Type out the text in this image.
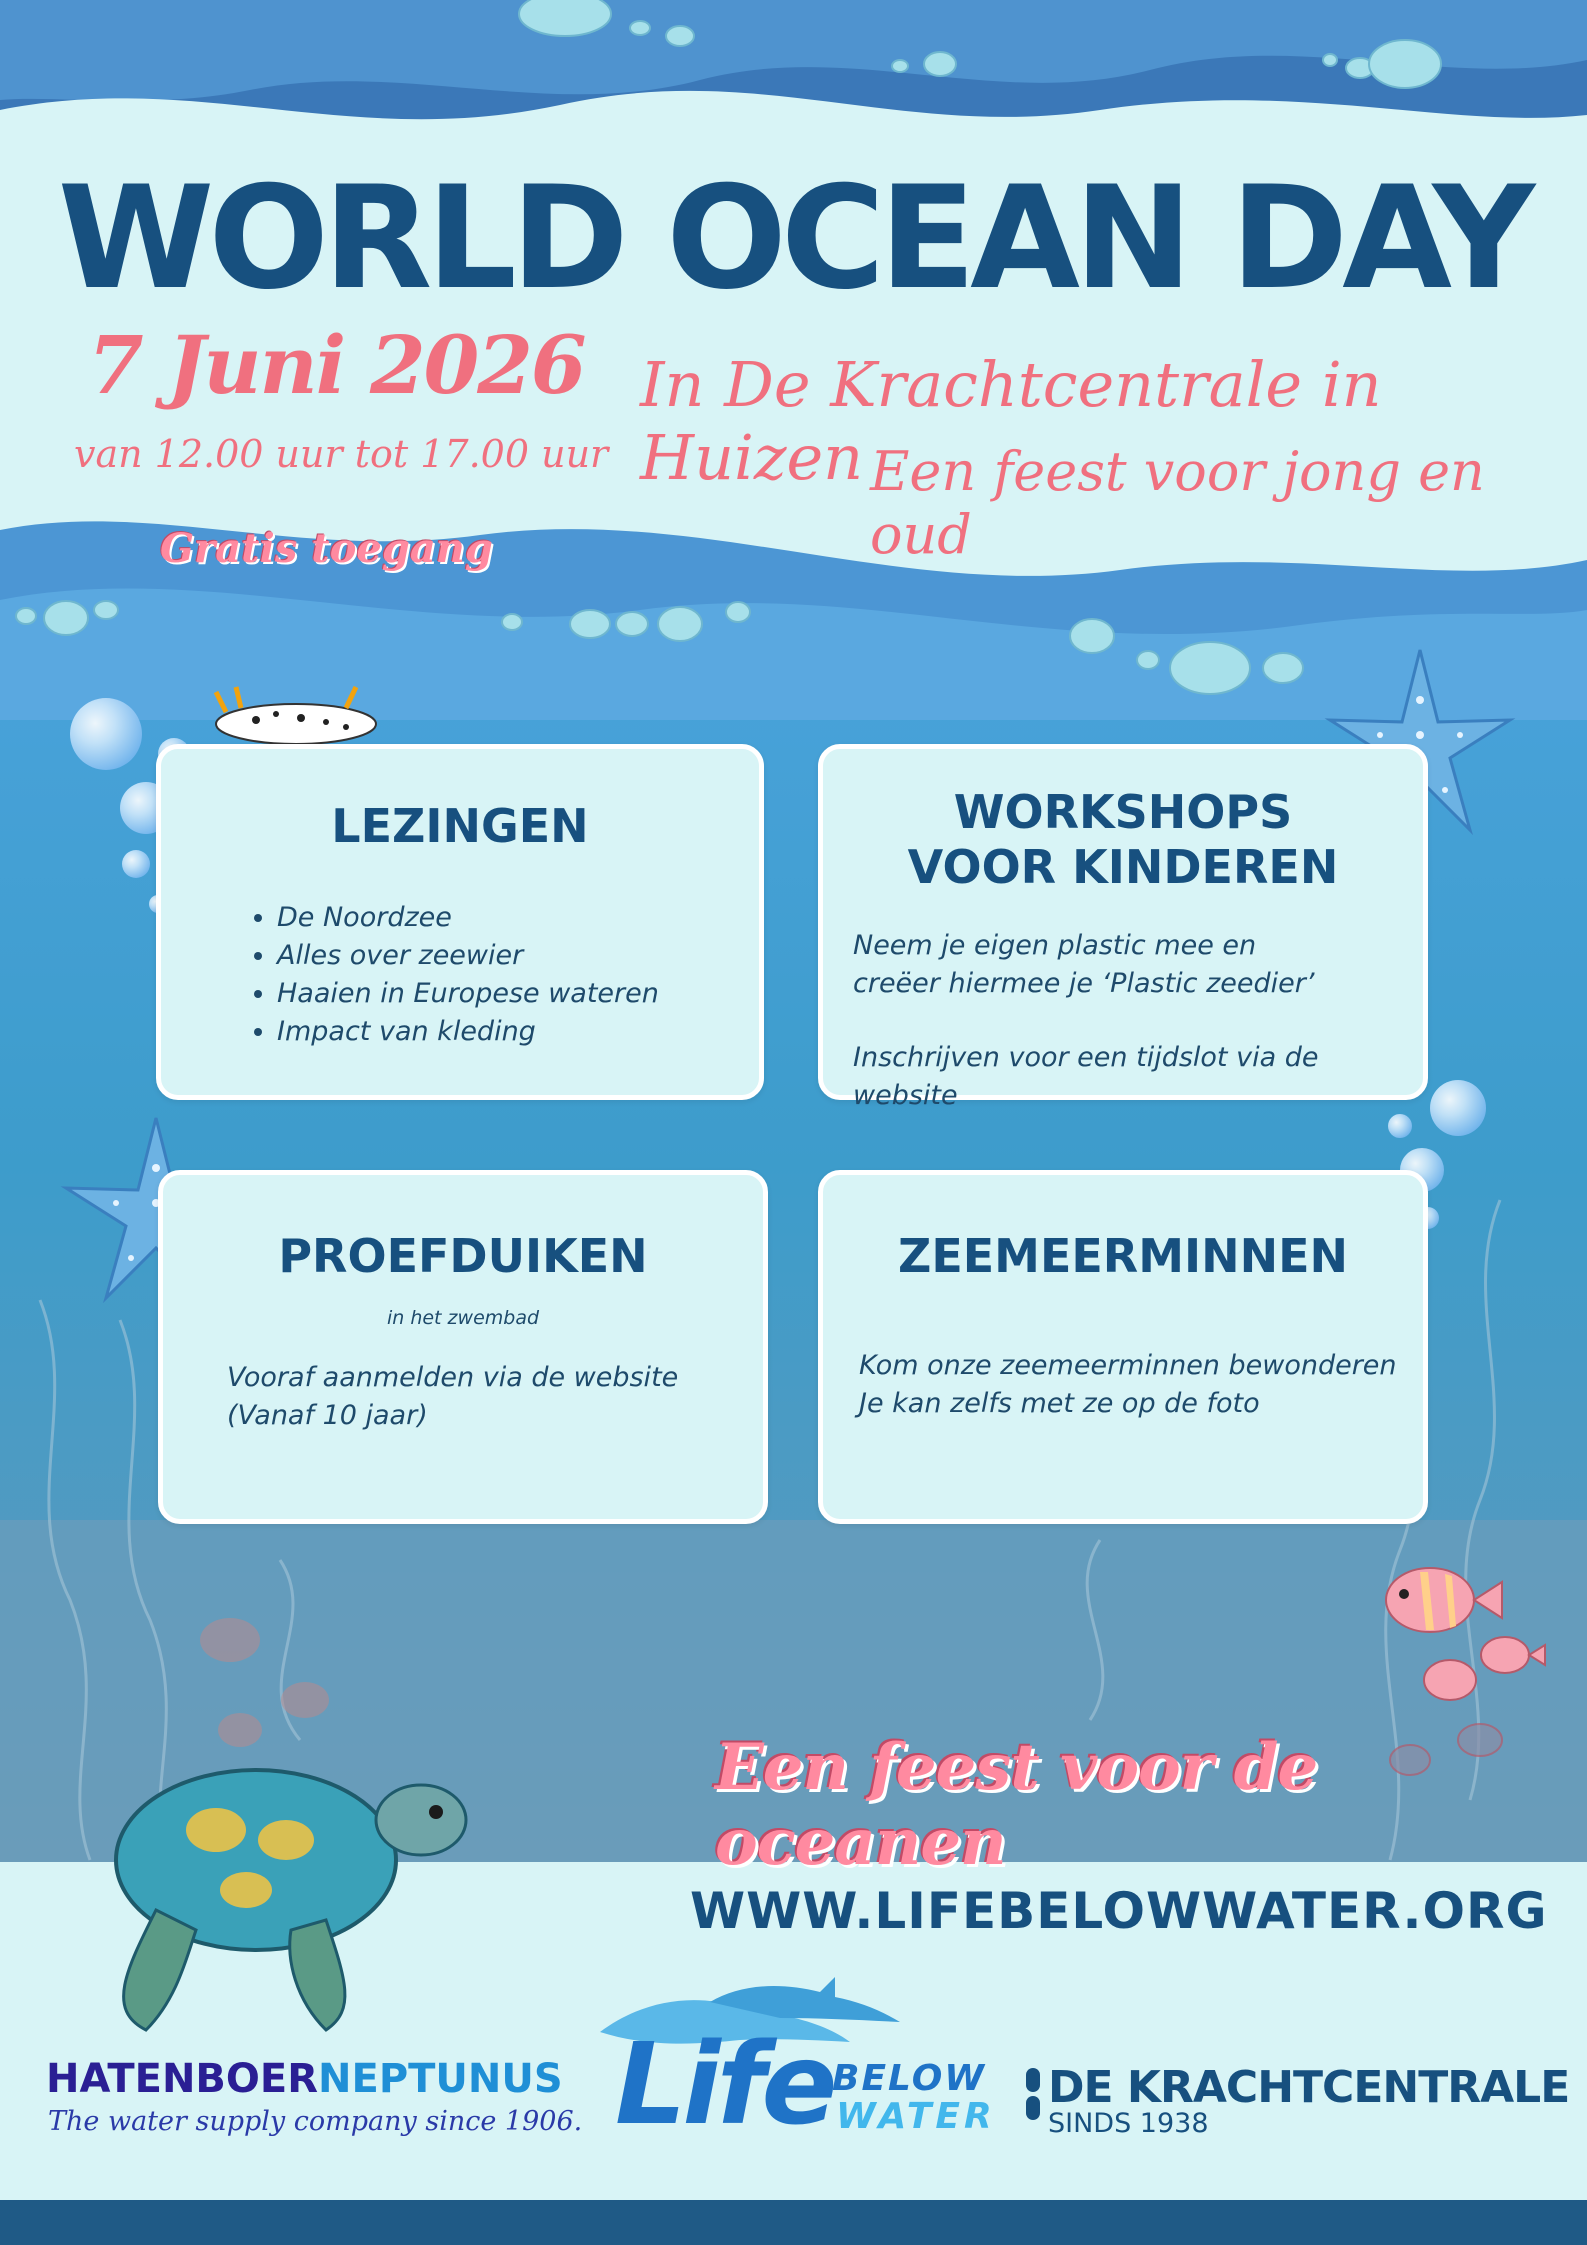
WORLD OCEAN DAY
7 Juni 2026
van 12.00 uur tot 17.00 uur
In De Krachtcentrale in Huizen Een feest voor jong en oud
Gratis toegang
LEZINGEN
• De Noordzee
• Alles over zeewier
• Haaien in Europese wateren
• Impact van kleding
WORKSHOPS
VOOR KINDEREN
Neem je eigen plastic mee en
creëer hiermee je ‘Plastic zeedier’
Inschrijven voor een tijdslot via de website
PROEFDUIKEN
in het zwembad
Vooraf aanmelden via de website
(Vanaf 10 jaar)
ZEEMEERMINNEN
Kom onze zeemeerminnen bewonderen
Je kan zelfs met ze op de foto
Een feest voor de oceanen
WWW.LIFEBELOWWATER.ORG
HATENBOERNEPTUNUS
The water supply company since 1906. Life
BELOW
WATER
DE KRACHTCENTRALE
SINDS 1938
